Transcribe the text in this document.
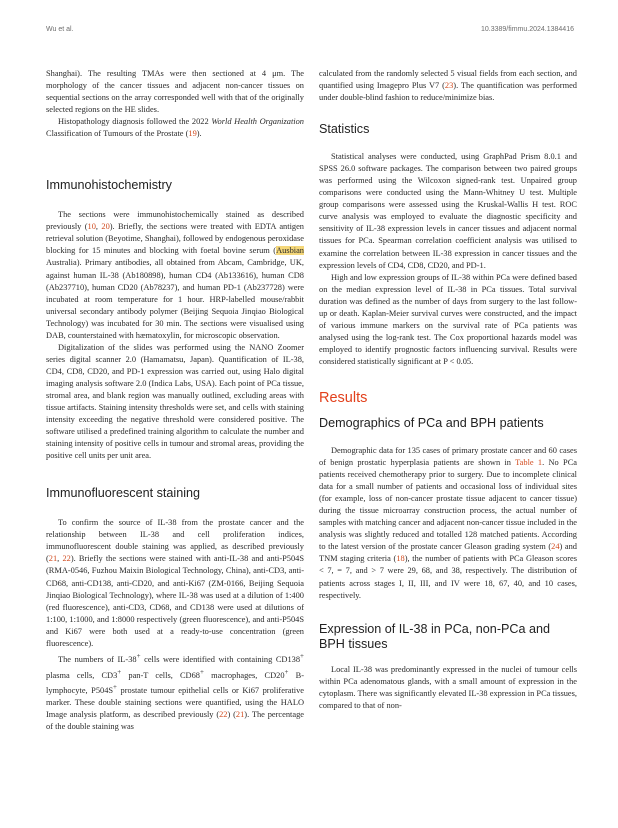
Wu et al.	10.3389/fimmu.2024.1384416

Shanghai). The resulting TMAs were then sectioned at 4 μm. The morphology of the cancer tissues and adjacent non-cancer tissues on sequential sections on the array corresponded well with that of the originally selected regions on the HE slides.

Histopathology diagnosis followed the 2022 World Health Organization Classification of Tumours of the Prostate (19).

Immunohistochemistry

The sections were immunohistochemically stained as described previously (10, 20). Briefly, the sections were treated with EDTA antigen retrieval solution (Beyotime, Shanghai), followed by endogenous peroxidase blocking for 15 minutes and blocking with foetal bovine serum (Ausbian Australia). Primary antibodies, all obtained from Abcam, Cambridge, UK, against human IL-38 (Ab180898), human CD4 (Ab133616), human CD8 (Ab237710), human CD20 (Ab78237), and human PD-1 (Ab237728) were incubated at room temperature for 1 hour. HRP-labelled mouse/rabbit universal secondary antibody polymer (Beijing Sequoia Jinqiao Biological Technology) was incubated for 30 min. The sections were visualised using DAB, counterstained with hæmatoxylin, for microscopic observation.

Digitalization of the slides was performed using the NANO Zoomer series digital scanner 2.0 (Hamamatsu, Japan). Quantification of IL-38, CD4, CD8, CD20, and PD-1 expression was carried out, using Halo digital imaging analysis software 2.0 (Indica Labs, USA). Each point of PCa tissue, stromal area, and blank region was manually outlined, excluding areas with tissue artifacts. Staining intensity thresholds were set, and cells with staining intensity exceeding the negative threshold were considered positive. The software utilised a predefined training algorithm to calculate the number and staining intensity of positive cells in tumour and stromal areas, providing the positive cell units per unit area.

Immunofluorescent staining

To confirm the source of IL-38 from the prostate cancer and the relationship between IL-38 and cell proliferation indices, immunofluorescent double staining was applied, as described previously (21, 22). Briefly the sections were stained with anti-IL-38 and anti-P504S (RMA-0546, Fuzhou Maixin Biological Technology, China), anti-CD3, anti-CD68, anti-CD138, anti-CD20, and anti-Ki67 (ZM-0166, Beijing Sequoia Jinqiao Biological Technology), where IL-38 was used at a dilution of 1:400 (red fluorescence), anti-CD3, CD68, and CD138 were used at dilutions of 1:100, 1:1000, and 1:8000 respectively (green fluorescence), and anti-P504S and Ki67 were both used at a ready-to-use concentration (green fluorescence).

The numbers of IL-38+ cells were identified with containing CD138+ plasma cells, CD3+ pan-T cells, CD68+ macrophages, CD20+ B-lymphocyte, P504S+ prostate tumour epithelial cells or Ki67 proliferative marker. These double staining sections were quantified, using the HALO Image analysis platform, as described previously (22) (21). The percentage of the double staining was

calculated from the randomly selected 5 visual fields from each section, and quantified using Imagepro Plus V7 (23). The quantification was performed under double-blind fashion to reduce/minimize bias.

Statistics

Statistical analyses were conducted, using GraphPad Prism 8.0.1 and SPSS 26.0 software packages. The comparison between two paired groups was performed using the Wilcoxon signed-rank test. Unpaired group comparisons were conducted using the Mann-Whitney U test. Multiple group comparisons were assessed using the Kruskal-Wallis H test. ROC curve analysis was employed to evaluate the diagnostic specificity and sensitivity of IL-38 expression levels in cancer tissues and adjacent normal tissues for PCa. Spearman correlation coefficient analysis was utilised to examine the correlation between IL-38 expression in cancer tissues and the expression levels of CD4, CD8, CD20, and PD-1.

High and low expression groups of IL-38 within PCa were defined based on the median expression level of IL-38 in PCa tissues. Total survival duration was defined as the number of days from surgery to the last follow-up or death. Kaplan-Meier survival curves were constructed, and the impact of various immune markers on the survival rate of PCa patients was analysed using the log-rank test. The Cox proportional hazards model was employed to identify prognostic factors influencing survival. Results were considered statistically significant at P < 0.05.

Results
Demographics of PCa and BPH patients

Demographic data for 135 cases of primary prostate cancer and 60 cases of benign prostatic hyperplasia patients are shown in Table 1. No PCa patients received chemotherapy prior to surgery. Due to incomplete clinical data for a small number of patients and occasional loss of individual sites (for example, loss of non-cancer prostate tissue adjacent to cancer tissue) during the tissue microarray construction process, the actual number of samples with matching cancer and adjacent non-cancer tissue included in the analysis was slightly reduced and totalled 128 matched patients. According to the latest version of the prostate cancer Gleason grading system (24) and TNM staging criteria (18), the number of patients with PCa Gleason scores < 7, = 7, and > 7 were 29, 68, and 38, respectively. The distribution of patients across stages I, II, III, and IV were 18, 67, 40, and 10 cases, respectively.

Expression of IL-38 in PCa, non-PCa and BPH tissues

Local IL-38 was predominantly expressed in the nuclei of tumour cells within PCa adenomatous glands, with a small amount of expression in the cytoplasm. There was significantly elevated IL-38 expression in PCa tissues, compared to that of non-
